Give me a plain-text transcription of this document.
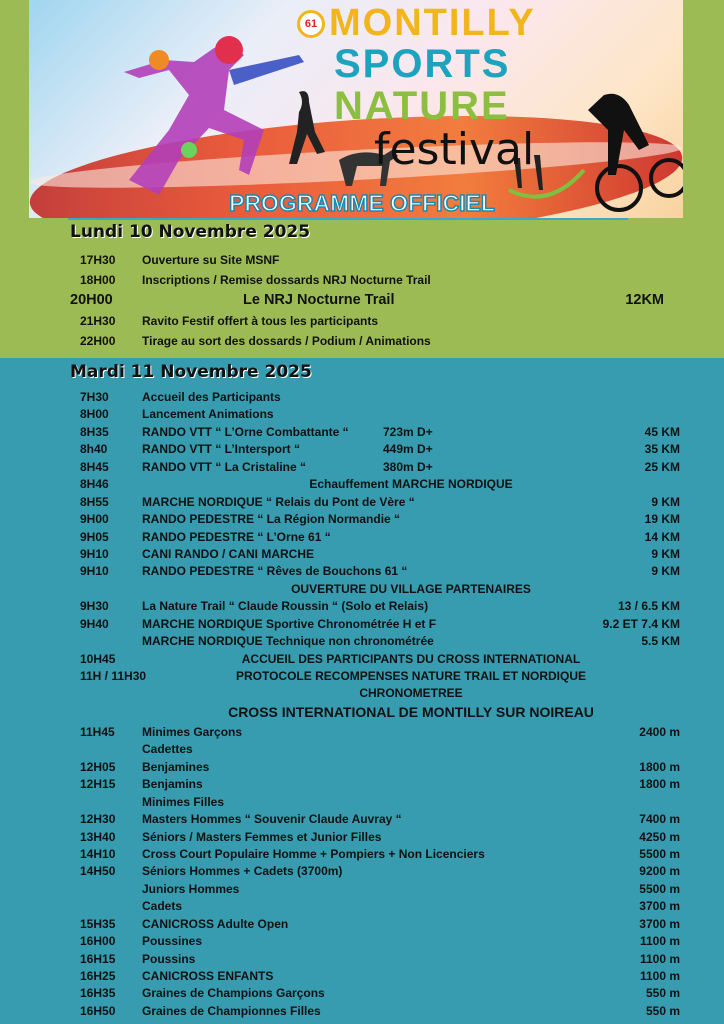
MONTILLY
61
SPORTS
NATURE
festival
PROGRAMME OFFICIEL
Lundi 10 Novembre 2025
17H30 Ouverture su Site MSNF
18H00 Inscriptions / Remise dossards NRJ Nocturne Trail
20H00	Le NRJ Nocturne Trail	12KM
21H30 Ravito Festif offert à tous les participants
22H00 Tirage au sort des dossards / Podium / Animations
Mardi 11 Novembre 2025
7H30	Accueil des Participants
8H00	Lancement Animations
8H35	RANDO VTT “ L’Orne Combattante “	723m D+	45 KM
8h40	RANDO VTT “ L’Intersport “	449m D+	35 KM
8H45	RANDO VTT “ La Cristaline “	380m D+	25 KM
8H46	Echauffement MARCHE NORDIQUE
8H55	MARCHE NORDIQUE “ Relais du Pont de Vère “	9 KM
9H00	RANDO PEDESTRE “ La Région Normandie “	19 KM
9H05	RANDO PEDESTRE “ L’Orne 61 “	14 KM
9H10	CANI RANDO / CANI MARCHE	9 KM
9H10	RANDO PEDESTRE “ Rêves de Bouchons 61 “	9 KM
OUVERTURE DU VILLAGE PARTENAIRES
9H30	La Nature Trail “ Claude Roussin “ (Solo et Relais)	13 / 6.5 KM
9H40	MARCHE NORDIQUE Sportive Chronométrée H et F	9.2 ET 7.4 KM
MARCHE NORDIQUE Technique non chronométrée	5.5 KM
10H45	ACCUEIL DES PARTICIPANTS DU CROSS INTERNATIONAL
11H / 11H30	PROTOCOLE RECOMPENSES NATURE TRAIL ET NORDIQUE
CHRONOMETREE
CROSS INTERNATIONAL DE MONTILLY SUR NOIREAU
11H45 Minimes Garçons	2400 m
Cadettes
12H05 Benjamines	1800 m
12H15 Benjamins	1800 m
Minimes Filles
12H30 Masters Hommes “ Souvenir Claude Auvray “	7400 m
13H40 Séniors / Masters Femmes et Junior Filles	4250 m
14H10 Cross Court Populaire Homme + Pompiers + Non Licenciers	5500 m
14H50 Séniors Hommes + Cadets (3700m)	9200 m
Juniors Hommes	5500 m
Cadets	3700 m
15H35 CANICROSS Adulte Open	3700 m
16H00 Poussines	1100 m
16H15 Poussins	1100 m
16H25 CANICROSS ENFANTS	1100 m
16H35 Graines de Champions Garçons	550 m
16H50 Graines de Championnes Filles	550 m
